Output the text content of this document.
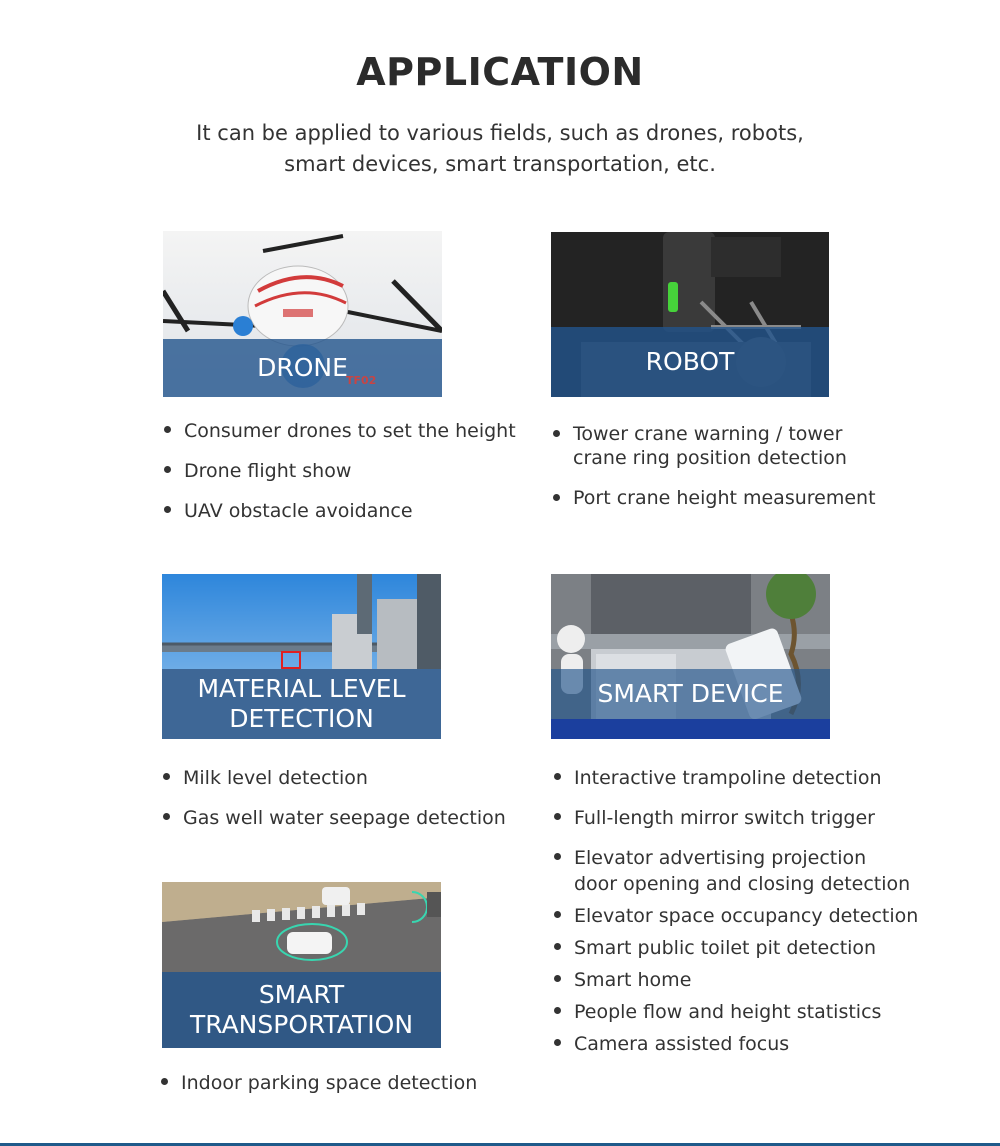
APPLICATION
It can be applied to various fields, such as drones, robots, smart devices, smart transportation, etc.
DRONE
TF02
ROBOT
MATERIAL LEVEL
DETECTION
SMART DEVICE
SMART
TRANSPORTATION
Consumer drones to set the height
Drone flight show
UAV obstacle avoidance
Tower crane warning / tower
crane ring position detection
Port crane height measurement
Milk level detection
Gas well water seepage detection
Interactive trampoline detection
Full-length mirror switch trigger
Elevator advertising projection
door opening and closing detection
Elevator space occupancy detection
Smart public toilet pit detection
Smart home
People flow and height statistics
Camera assisted focus
Indoor parking space detection
